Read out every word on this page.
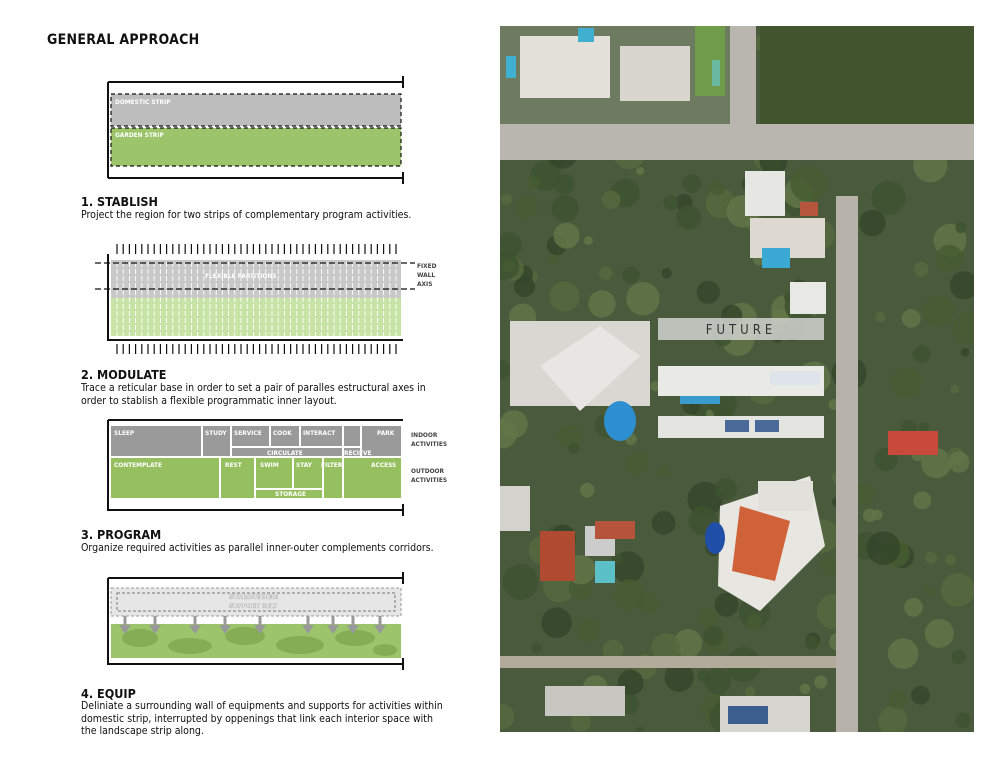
GENERAL APPROACH
DOMESTIC STRIP
GARDEN STRIP
1. STABLISH
Project the region for two strips of complementary program activities.
FLEXIBLE PARTITIONS
FIXED
WALL
AXIS
2. MODULATE
Trace a reticular base in order to set a pair of paralles estructural axes in order to stablish a flexible programmatic inner layout.
SLEEP	STUDY SERVICE COOK INTERACT	PARK
CIRCULATE	RECIEVE
CONTEMPLATE	REST	SWIM	STAY FILTER	ACCESS
STORAGE
INDOOR
ACTIVITIES
OUTDOOR
ACTIVITIES
3. PROGRAM
Organize required activities as parallel inner-outer complements corridors.
SURROUNDING
SUPPORT BELT
4. EQUIP
Deliniate a surrounding wall of equipments and supports for activities within domestic strip, interrupted by oppenings that link each interior space with the landscape strip along.
FUTURE
